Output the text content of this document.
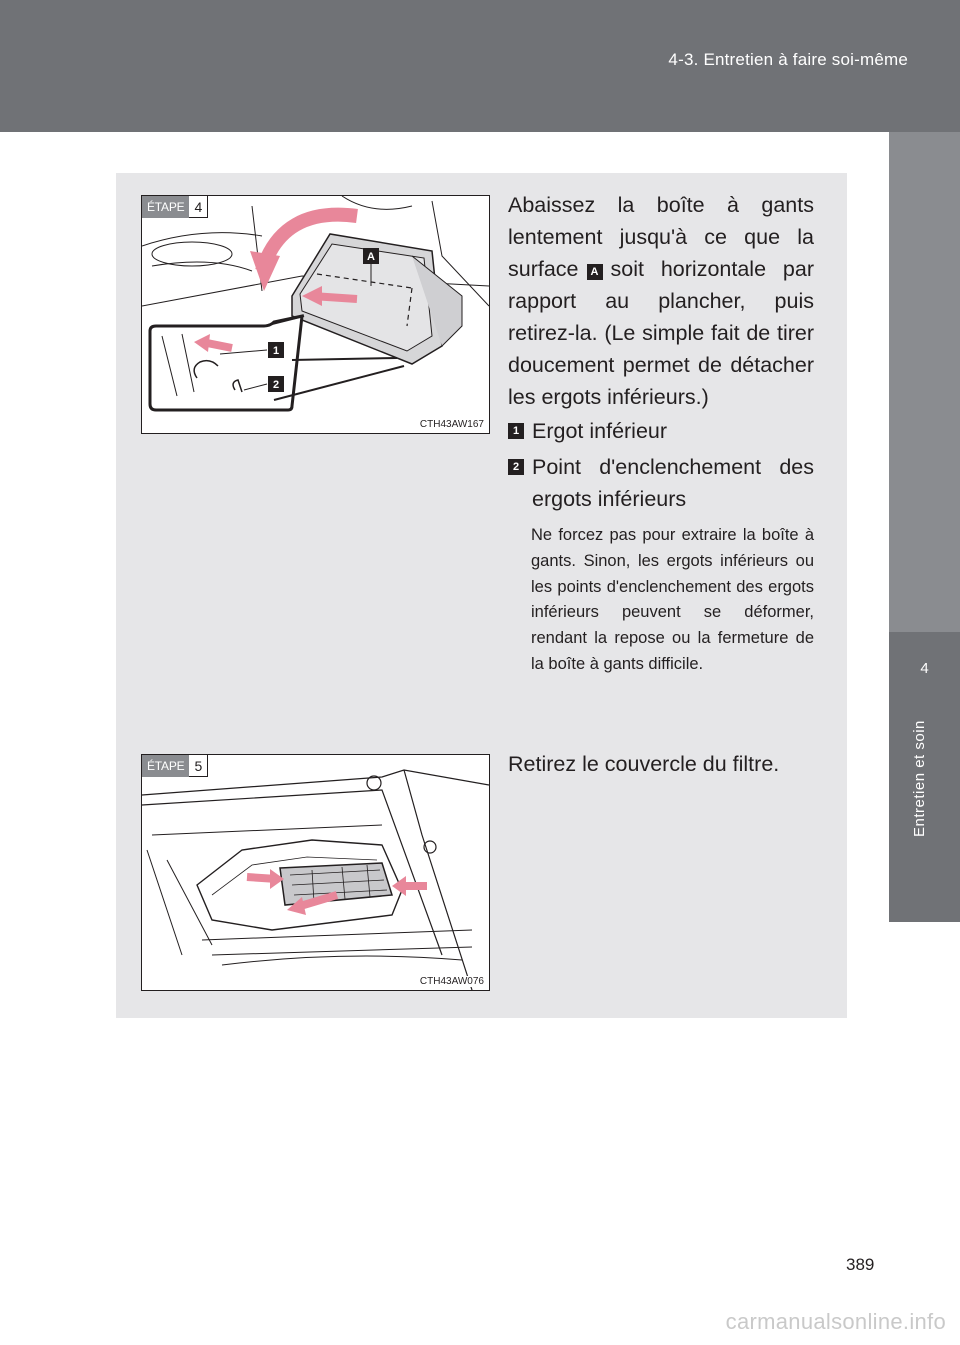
4-3. Entretien à faire soi-même
4
Entretien et soin
A
1
2
ÉTAPE 4
CTH43AW167
Abaissez la boîte à gants lentement jusqu'à ce que la surface A soit horizontale par rapport au plancher, puis retirez-la. (Le simple fait de tirer doucement permet de détacher les ergots inférieurs.)
1 Ergot inférieur
2 Point d'enclenchement des ergots inférieurs
Ne forcez pas pour extraire la boîte à gants. Sinon, les ergots inférieurs ou les points d'enclenchement des ergots inférieurs peuvent se déformer, rendant la repose ou la fermeture de la boîte à gants difficile.
ÉTAPE 5
CTH43AW076
Retirez le couvercle du filtre.
389
carmanualsonline.info
